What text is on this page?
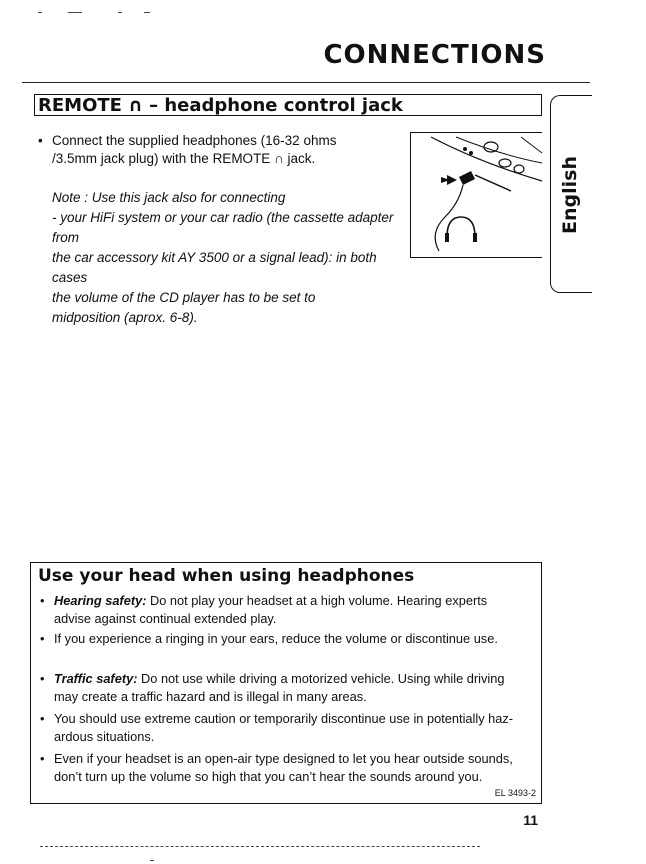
CONNECTIONS
REMOTE ∩ – headphone control jack
English
• Connect the supplied headphones (16-32 ohms
/3.5mm jack plug) with the REMOTE ∩ jack.
Note : Use this jack also for connecting
- your HiFi system or your car radio (the cassette adapter from
the car accessory kit AY 3500 or a signal lead): in both cases
the volume of the CD player has to be set to
midposition (aprox. 6-8).
Use your head when using headphones
• Hearing safety: Do not play your headset at a high volume. Hearing experts
advise against continual extended play.
• If you experience a ringing in your ears, reduce the volume or discontinue use.
• Traffic safety: Do not use while driving a motorized vehicle. Using while driving
may create a traffic hazard and is illegal in many areas.
• You should use extreme caution or temporarily discontinue use in potentially haz-
ardous situations.
• Even if your headset is an open-air type designed to let you hear outside sounds,
don’t turn up the volume so high that you can’t hear the sounds around you.
EL 3493-2
11
